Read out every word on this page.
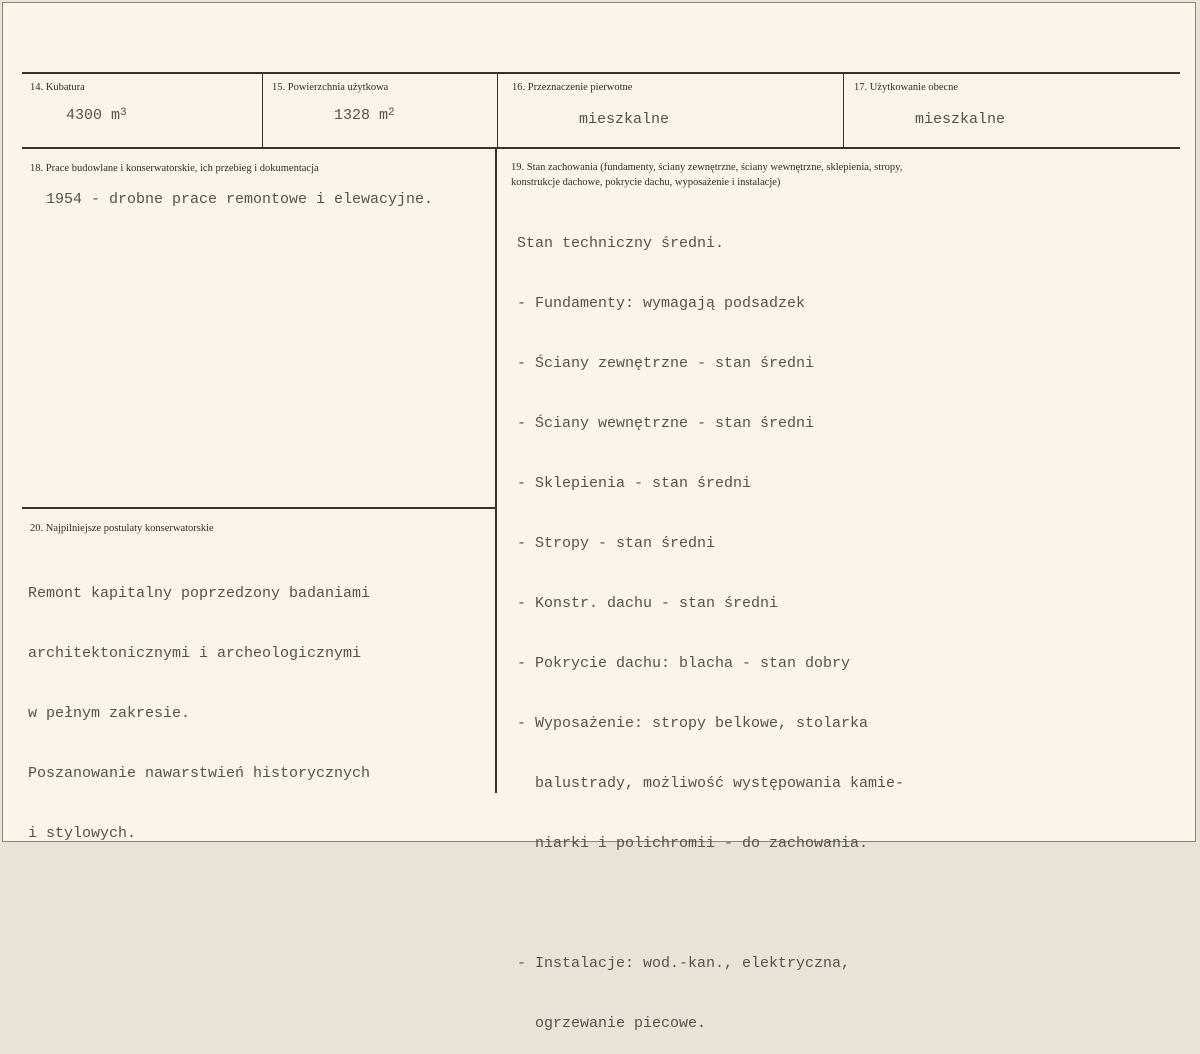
14. Kubatura
4300 $m^3$
15. Powierzchnia użytkowa
1328 $m^2$
16. Przeznaczenie pierwotne
mieszkalne
17. Użytkowanie obecne
mieszkalne
18. Prace budowlane i konserwatorskie, ich przebieg i dokumentacja
1954 - drobne prace remontowe i elewacyjne.
19. Stan zachowania (fundamenty, ściany zewnętrzne, ściany wewnętrzne, sklepienia, stropy,
konstrukcje dachowe, pokrycie dachu, wyposażenie i instalacje)

Stan techniczny średni.

- Fundamenty: wymagają podsadzek

- Ściany zewnętrzne - stan średni

- Ściany wewnętrzne - stan średni

- Sklepienia - stan średni

- Stropy - stan średni

- Konstr. dachu - stan średni

- Pokrycie dachu: blacha - stan dobry

- Wyposażenie: stropy belkowe, stolarka

balustrady, możliwość występowania kamie-

niarki i polichromii - do zachowania.

- Instalacje: wod.-kan., elektryczna,

ogrzewanie piecowe.

20. Najpilniejsze postulaty konserwatorskie

Remont kapitalny poprzedzony badaniami

architektonicznymi i archeologicznymi

w pełnym zakresie.

Poszanowanie nawarstwień historycznych

i stylowych.
